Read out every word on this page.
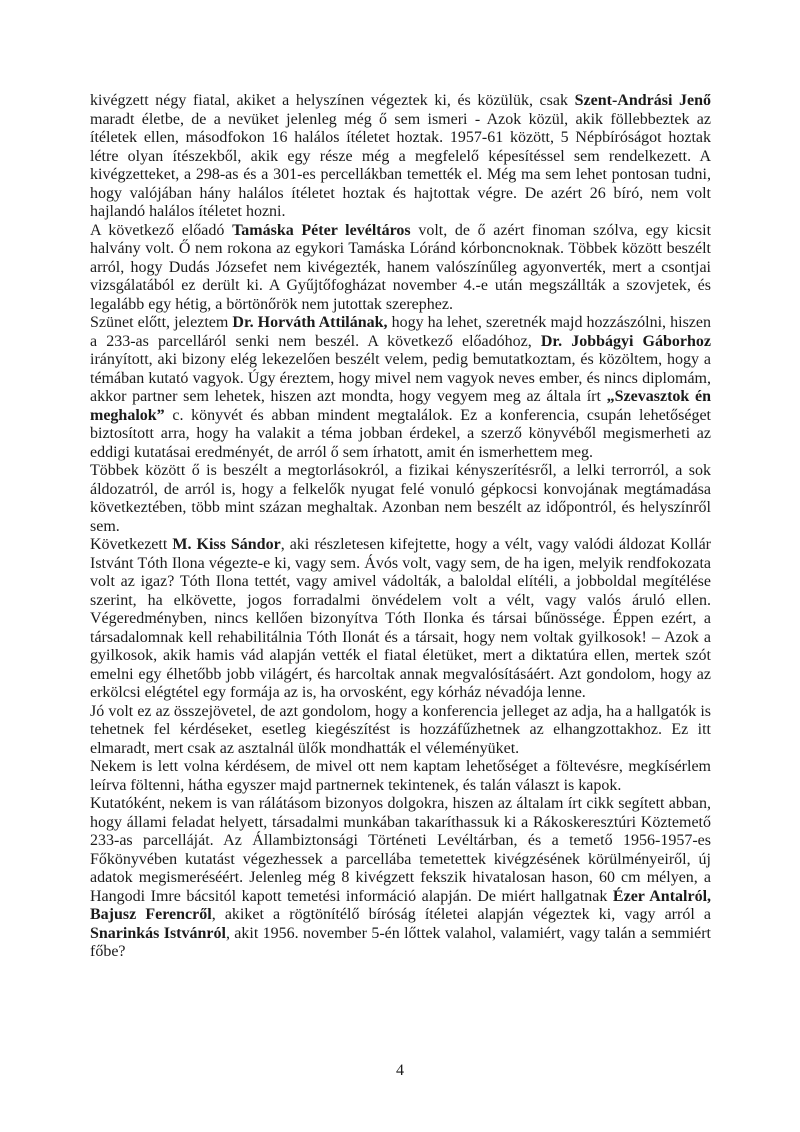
kivégzett négy fiatal, akiket a helyszínen végeztek ki, és közülük, csak Szent-Andrási Jenő maradt életbe, de a nevüket jelenleg még ő sem ismeri - Azok közül, akik föllebbeztek az ítéletek ellen, másodfokon 16 halálos ítéletet hoztak. 1957-61 között, 5 Népbíróságot hoztak létre olyan ítészekből, akik egy része még a megfelelő képesítéssel sem rendelkezett. A kivégzetteket, a 298-as és a 301-es percellákban temették el. Még ma sem lehet pontosan tudni, hogy valójában hány halálos ítéletet hoztak és hajtottak végre. De azért 26 bíró, nem volt hajlandó halálos ítéletet hozni.

A következő előadó Tamáska Péter levéltáros volt, de ő azért finoman szólva, egy kicsit halvány volt. Ő nem rokona az egykori Tamáska Lóránd kórboncnoknak. Többek között beszélt arról, hogy Dudás Józsefet nem kivégezték, hanem valószínűleg agyonverték, mert a csontjai vizsgálatából ez derült ki. A Gyűjtőfogházat november 4.-e után megszállták a szovjetek, és legalább egy hétig, a börtönőrök nem jutottak szerephez.

Szünet előtt, jeleztem Dr. Horváth Attilának, hogy ha lehet, szeretnék majd hozzászólni, hiszen a 233-as parcelláról senki nem beszél. A következő előadóhoz, Dr. Jobbágyi Gáborhoz irányított, aki bizony elég lekezelően beszélt velem, pedig bemutatkoztam, és közöltem, hogy a témában kutató vagyok. Úgy éreztem, hogy mivel nem vagyok neves ember, és nincs diplomám, akkor partner sem lehetek, hiszen azt mondta, hogy vegyem meg az általa írt „Szevasztok én meghalok” c. könyvét és abban mindent megtalálok. Ez a konferencia, csupán lehetőséget biztosított arra, hogy ha valakit a téma jobban érdekel, a szerző könyvéből megismerheti az eddigi kutatásai eredményét, de arról ő sem írhatott, amit én ismerhettem meg.

Többek között ő is beszélt a megtorlásokról, a fizikai kényszerítésről, a lelki terrorról, a sok áldozatról, de arról is, hogy a felkelők nyugat felé vonuló gépkocsi konvojának megtámadása következtében, több mint százan meghaltak. Azonban nem beszélt az időpontról, és helyszínről sem.

Következett M. Kiss Sándor, aki részletesen kifejtette, hogy a vélt, vagy valódi áldozat Kollár Istvánt Tóth Ilona végezte-e ki, vagy sem. Ávós volt, vagy sem, de ha igen, melyik rendfokozata volt az igaz? Tóth Ilona tettét, vagy amivel vádolták, a baloldal elítéli, a jobboldal megítélése szerint, ha elkövette, jogos forradalmi önvédelem volt a vélt, vagy valós áruló ellen. Végeredményben, nincs kellően bizonyítva Tóth Ilonka és társai bűnössége. Éppen ezért, a társadalomnak kell rehabilitálnia Tóth Ilonát és a társait, hogy nem voltak gyilkosok! – Azok a gyilkosok, akik hamis vád alapján vették el fiatal életüket, mert a diktatúra ellen, mertek szót emelni egy élhetőbb jobb világért, és harcoltak annak megvalósításáért. Azt gondolom, hogy az erkölcsi elégtétel egy formája az is, ha orvosként, egy kórház névadója lenne.

Jó volt ez az összejövetel, de azt gondolom, hogy a konferencia jelleget az adja, ha a hallgatók is tehetnek fel kérdéseket, esetleg kiegészítést is hozzáfűzhetnek az elhangzottakhoz. Ez itt elmaradt, mert csak az asztalnál ülők mondhatták el véleményüket.

Nekem is lett volna kérdésem, de mivel ott nem kaptam lehetőséget a föltevésre, megkísérlem leírva föltenni, hátha egyszer majd partnernek tekintenek, és talán választ is kapok.

Kutatóként, nekem is van rálátásom bizonyos dolgokra, hiszen az általam írt cikk segített abban, hogy állami feladat helyett, társadalmi munkában takaríthassuk ki a Rákoskeresztúri Köztemető 233-as parcelláját. Az Állambiztonsági Történeti Levéltárban, és a temető 1956-1957-es Főkönyvében kutatást végezhessek a parcellába temetettek kivégzésének körülményeiről, új adatok megismeréséért. Jelenleg még 8 kivégzett fekszik hivatalosan hason, 60 cm mélyen, a Hangodi Imre bácsitól kapott temetési információ alapján. De miért hallgatnak Ézer Antalról, Bajusz Ferencről, akiket a rögtönítélő bíróság ítéletei alapján végeztek ki, vagy arról a Snarinkás Istvánról, akit 1956. november 5-én lőttek valahol, valamiért, vagy talán a semmiért főbe?

4
